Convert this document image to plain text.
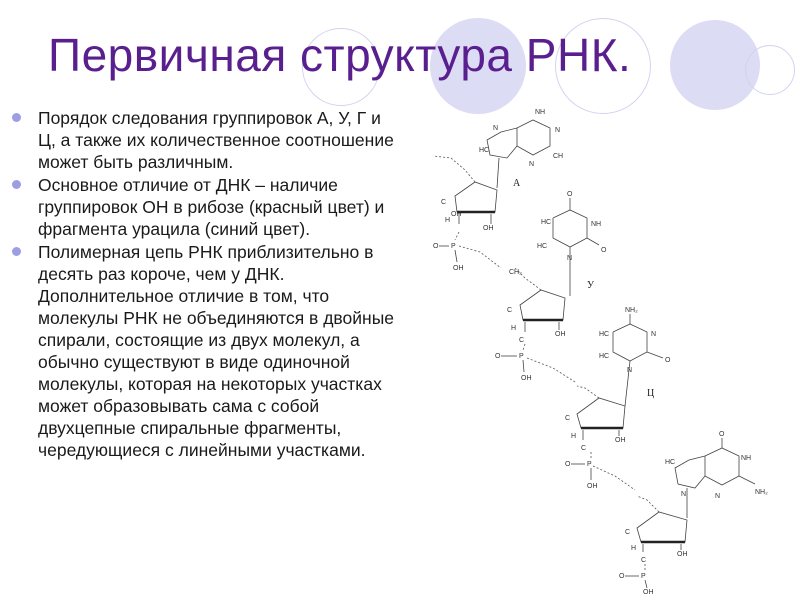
Первичная структура РНК.
Порядок следования группировок А, У, Г и Ц, а также их количественное соотношение может быть различным.
Основное отличие от ДНК – наличие группировок ОН в рибозе (красный цвет) и фрагмента урацила (синий цвет).
Полимерная цепь РНК приблизительно в десять раз короче, чем у ДНК. Дополнительное отличие в том, что молекулы РНК не объединяются в двойные спирали, состоящие из двух молекул, а обычно существуют в виде одиночной молекулы, которая на некоторых участках может образовывать сама с собой двухцепные спиральные фрагменты, чередующиеся с линейными участками.
NH
N
CH
N
HC
N
А
C
H
OH
OH
O P
OH
O
HC	NH
HC
O
N
У
C
H
OH
CH₂
C
O	P
OH
NH₂
N
HC
HC
O
N
Ц
C
H
OH
C
O P
OH
O
NH
NH₂
N
HC
N
C
H
OH
C
O P
OH
